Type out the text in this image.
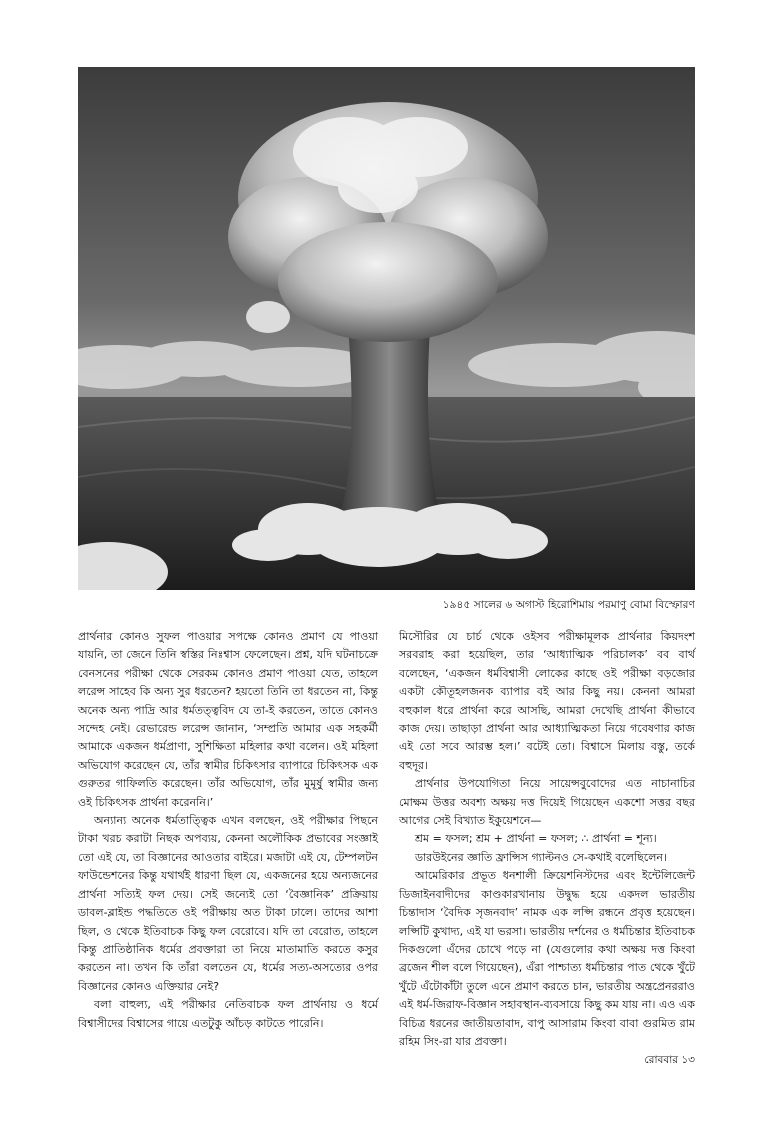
১৯৪৫ সালের ৬ অগাস্ট হিরোশিমায় পরমাণু বোমা বিস্ফোরণ

প্রার্থনার কোনও সুফল পাওয়ার সপক্ষে কোনও প্রমাণ যে পাওয়া যায়নি, তা জেনে তিনি স্বস্তির নিঃশ্বাস ফেলেছেন। প্রশ্ন, যদি ঘটনাচক্রে বেনসনের পরীক্ষা থেকে সেরকম কোনও প্রমাণ পাওয়া যেত, তাহলে লরেন্স সাহেব কি অন্য সুর ধরতেন? হয়তো তিনি তা ধরতেন না, কিন্তু অনেক অন্য পাদ্রি আর ধর্মতত্ত্ববিদ যে তা-ই করতেন, তাতে কোনও সন্দেহ নেই। রেভারেন্ড লরেন্স জানান, ‘সম্প্রতি আমার এক সহকর্মী আমাকে একজন ধর্মপ্রাণা, সুশিক্ষিতা মহিলার কথা বলেন। ওই মহিলা অভিযোগ করেছেন যে, তাঁর স্বামীর চিকিৎসার ব্যাপারে চিকিৎসক এক গুরুতর গাফিলতি করেছেন। তাঁর অভিযোগ, তাঁর মুমূর্ষু স্বামীর জন্য ওই চিকিৎসক প্রার্থনা করেননি।’

অন্যান্য অনেক ধর্মতাত্ত্বিক এখন বলছেন, ওই পরীক্ষার পিছনে টাকা খরচ করাটা নিছক অপব্যয়, কেননা অলৌকিক প্রভাবের সংজ্ঞাই তো এই যে, তা বিজ্ঞানের আওতার বাইরে। মজাটা এই যে, টেম্পলটন ফাউন্ডেশনের কিন্তু যথার্থই ধারণা ছিল যে, একজনের হয়ে অন্যজনের প্রার্থনা সত্যিই ফল দেয়। সেই জন্যেই তো ‘বৈজ্ঞানিক’ প্রক্রিয়ায় ডাবল-ব্লাইন্ড পদ্ধতিতে ওই পরীক্ষায় অত টাকা ঢালে। তাদের আশা ছিল, ও থেকে ইতিবাচক কিছু ফল বেরোবে। যদি তা বেরোত, তাহলে কিন্তু প্রাতিষ্ঠানিক ধর্মের প্রবক্তারা তা নিয়ে মাতামাতি করতে কসুর করতেন না। তখন কি তাঁরা বলতেন যে, ধর্মের সত্য-অসত্যের ওপর বিজ্ঞানের কোনও এক্তিয়ার নেই?

বলা বাহুল্য, এই পরীক্ষার নেতিবাচক ফল প্রার্থনায় ও ধর্মে বিশ্বাসীদের বিশ্বাসের গায়ে এতটুকু আঁচড় কাটতে পারেনি।

মিসৌরির যে চার্চ থেকে ওইসব পরীক্ষামূলক প্রার্থনার কিয়দংশ সরবরাহ করা হয়েছিল, তার ‘আধ্যাত্মিক পরিচালক’ বব বার্থ বলেছেন, ‘একজন ধর্মবিশ্বাসী লোকের কাছে ওই পরীক্ষা বড়জোর একটা কৌতূহলজনক ব্যাপার বই আর কিছু নয়। কেননা আমরা বহুকাল ধরে প্রার্থনা করে আসছি, আমরা দেখেছি প্রার্থনা কীভাবে কাজ দেয়। তাছাড়া প্রার্থনা আর আধ্যাত্মিকতা নিয়ে গবেষণার কাজ এই তো সবে আরম্ভ হল।’ বটেই তো। বিশ্বাসে মিলায় বস্তু, তর্কে বহুদূর।

প্রার্থনার উপযোগিতা নিয়ে সায়েন্সবুবোদের এত নাচানাচির মোক্ষম উত্তর অবশ্য অক্ষয় দত্ত দিয়েই গিয়েছেন একশো সত্তর বছর আগের সেই বিখ্যাত ইকুয়েশনে—

শ্রম = ফসল; শ্রম + প্রার্থনা = ফসল; ∴ প্রার্থনা = শূন্য।

ডারউইনের জ্ঞাতি ফ্রান্সিস গ্যাল্টনও সে-কথাই বলেছিলেন।

আমেরিকার প্রভূত ধনশালী ক্রিয়েশনিস্টদের এবং ইন্টেলিজেন্ট ডিজাইনবাদীদের কাণ্ডকারখানায় উদ্বুদ্ধ হয়ে একদল ভারতীয় চিন্তাদাস ‘বৈদিক সৃজনবাদ’ নামক এক লপ্সি রন্ধনে প্রবৃত্ত হয়েছেন। লপ্সিটি কুখাদ্য, এই যা ভরসা। ভারতীয় দর্শনের ও ধর্মচিন্তার ইতিবাচক দিকগুলো এঁদের চোখে পড়ে না (যেগুলোর কথা অক্ষয় দত্ত কিংবা ব্রজেন শীল বলে গিয়েছেন), এঁরা পাশ্চাত্য ধর্মচিন্তার পাত থেকে খুঁটে খুঁটে এঁটোকাঁটা তুলে এনে প্রমাণ করতে চান, ভারতীয় অন্ত্রপ্রেনররাও এই ধর্ম-জিরাফ-বিজ্ঞান সহাবস্থান-ব্যবসায়ে কিছু কম যায় না। এও এক বিচিত্র ধরনের জাতীয়তাবাদ, বাপু আসারাম কিংবা বাবা গুরমিত রাম রহিম সিং-রা যার প্রবক্তা।

রোববার ১৩
